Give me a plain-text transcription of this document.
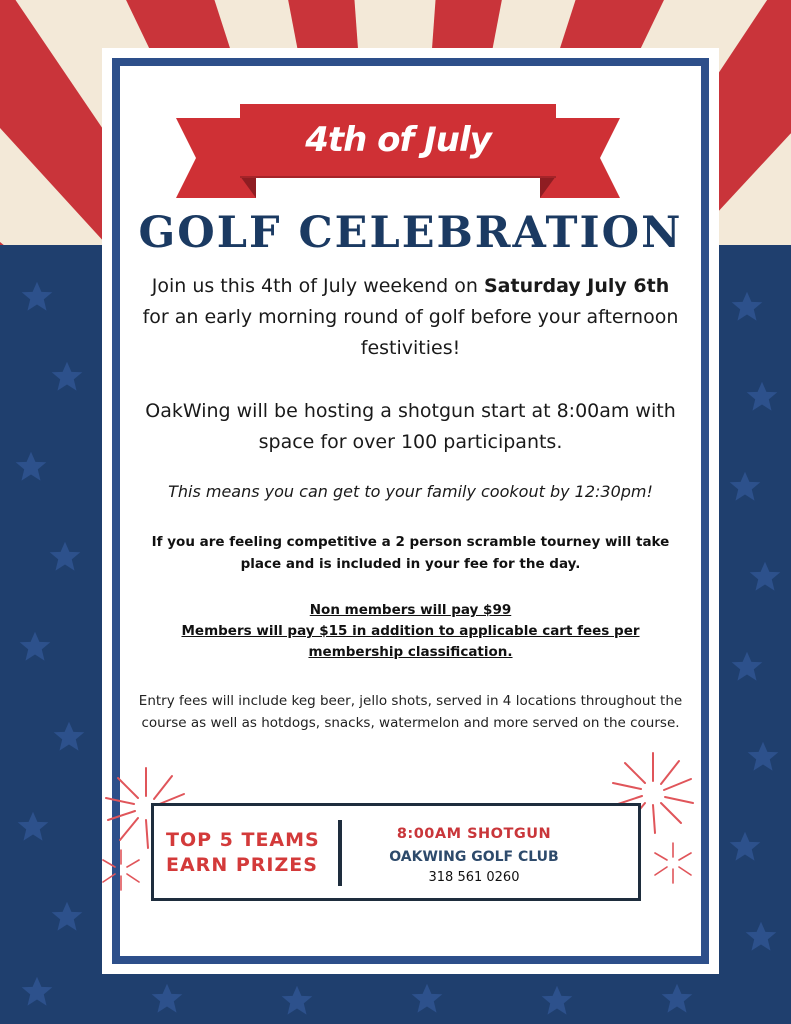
4th of July
GOLF CELEBRATION
Join us this 4th of July weekend on Saturday July 6th for an early morning round of golf before your afternoon festivities!
OakWing will be hosting a shotgun start at 8:00am with space for over 100 participants.
This means you can get to your family cookout by 12:30pm!
If you are feeling competitive a 2 person scramble tourney will take place and is included in your fee for the day.
Non members will pay $99
Members will pay $15 in addition to applicable cart fees per
membership classification.
Entry fees will include keg beer, jello shots, served in 4 locations throughout the course as well as hotdogs, snacks, watermelon and more served on the course.
TOP 5 TEAMS
EARN PRIZES
8:00AM SHOTGUN
OAKWING GOLF CLUB
318 561 0260
